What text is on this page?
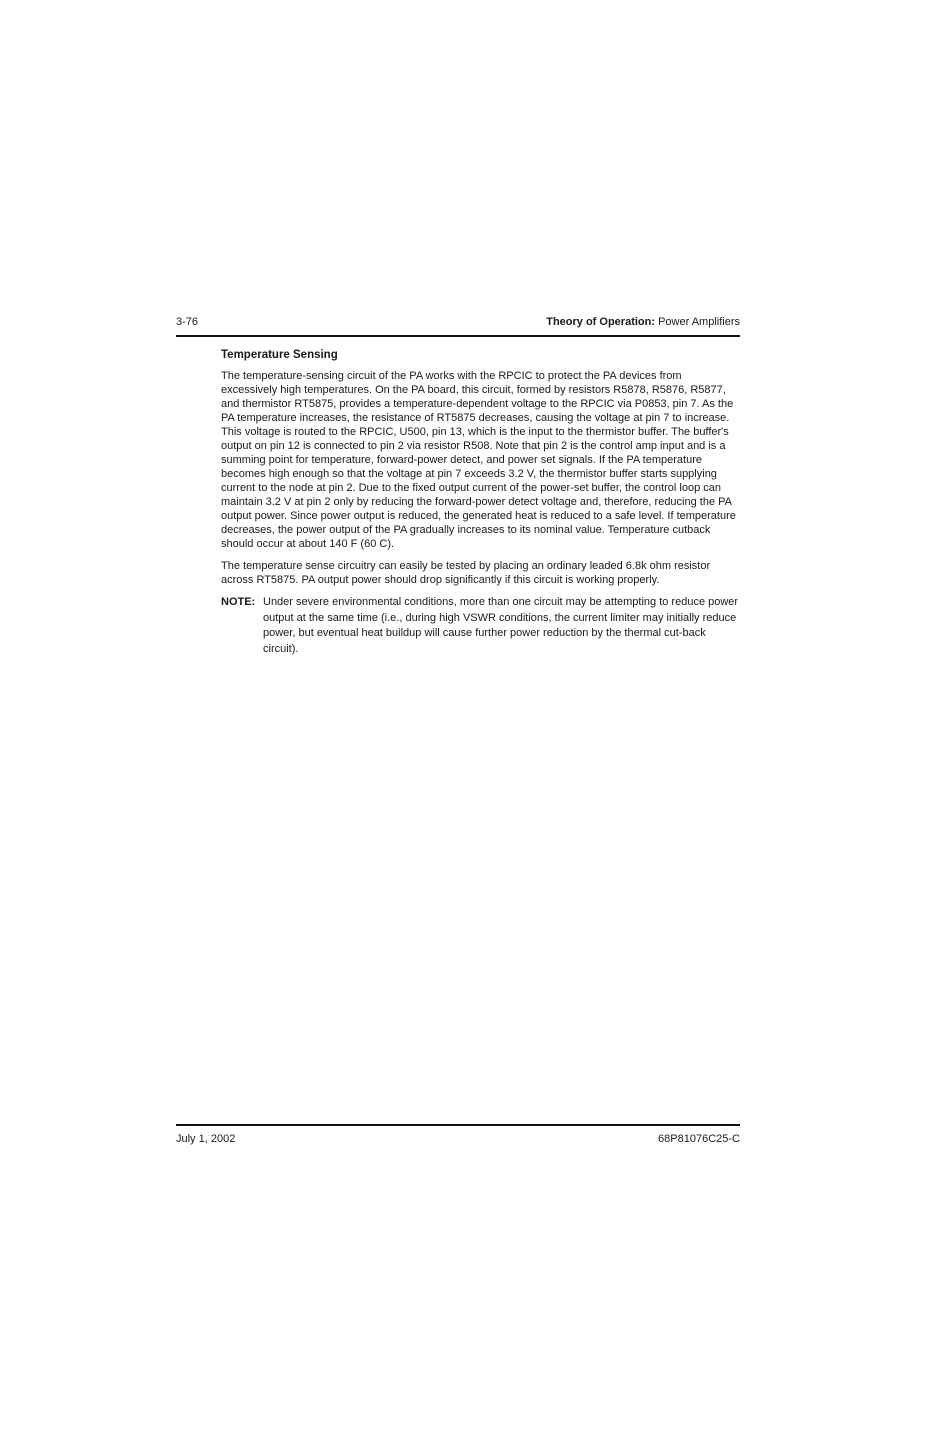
3-76	Theory of Operation: Power Amplifiers
Temperature Sensing

The temperature-sensing circuit of the PA works with the RPCIC to protect the PA devices from excessively high temperatures. On the PA board, this circuit, formed by resistors R5878, R5876, R5877, and thermistor RT5875, provides a temperature-dependent voltage to the RPCIC via P0853, pin 7. As the PA temperature increases, the resistance of RT5875 decreases, causing the voltage at pin 7 to increase. This voltage is routed to the RPCIC, U500, pin 13, which is the input to the thermistor buffer. The buffer's output on pin 12 is connected to pin 2 via resistor R508. Note that pin 2 is the control amp input and is a summing point for temperature, forward-power detect, and power set signals. If the PA temperature becomes high enough so that the voltage at pin 7 exceeds 3.2 V, the thermistor buffer starts supplying current to the node at pin 2. Due to the fixed output current of the power-set buffer, the control loop can maintain 3.2 V at pin 2 only by reducing the forward-power detect voltage and, therefore, reducing the PA output power. Since power output is reduced, the generated heat is reduced to a safe level. If temperature decreases, the power output of the PA gradually increases to its nominal value. Temperature cutback should occur at about 140 F (60 C).

The temperature sense circuitry can easily be tested by placing an ordinary leaded 6.8k ohm resistor across RT5875. PA output power should drop significantly if this circuit is working properly.

NOTE: Under severe environmental conditions, more than one circuit may be attempting to reduce power output at the same time (i.e., during high VSWR conditions, the current limiter may initially reduce power, but eventual heat buildup will cause further power reduction by the thermal cut-back circuit).
July 1, 2002	68P81076C25-C
